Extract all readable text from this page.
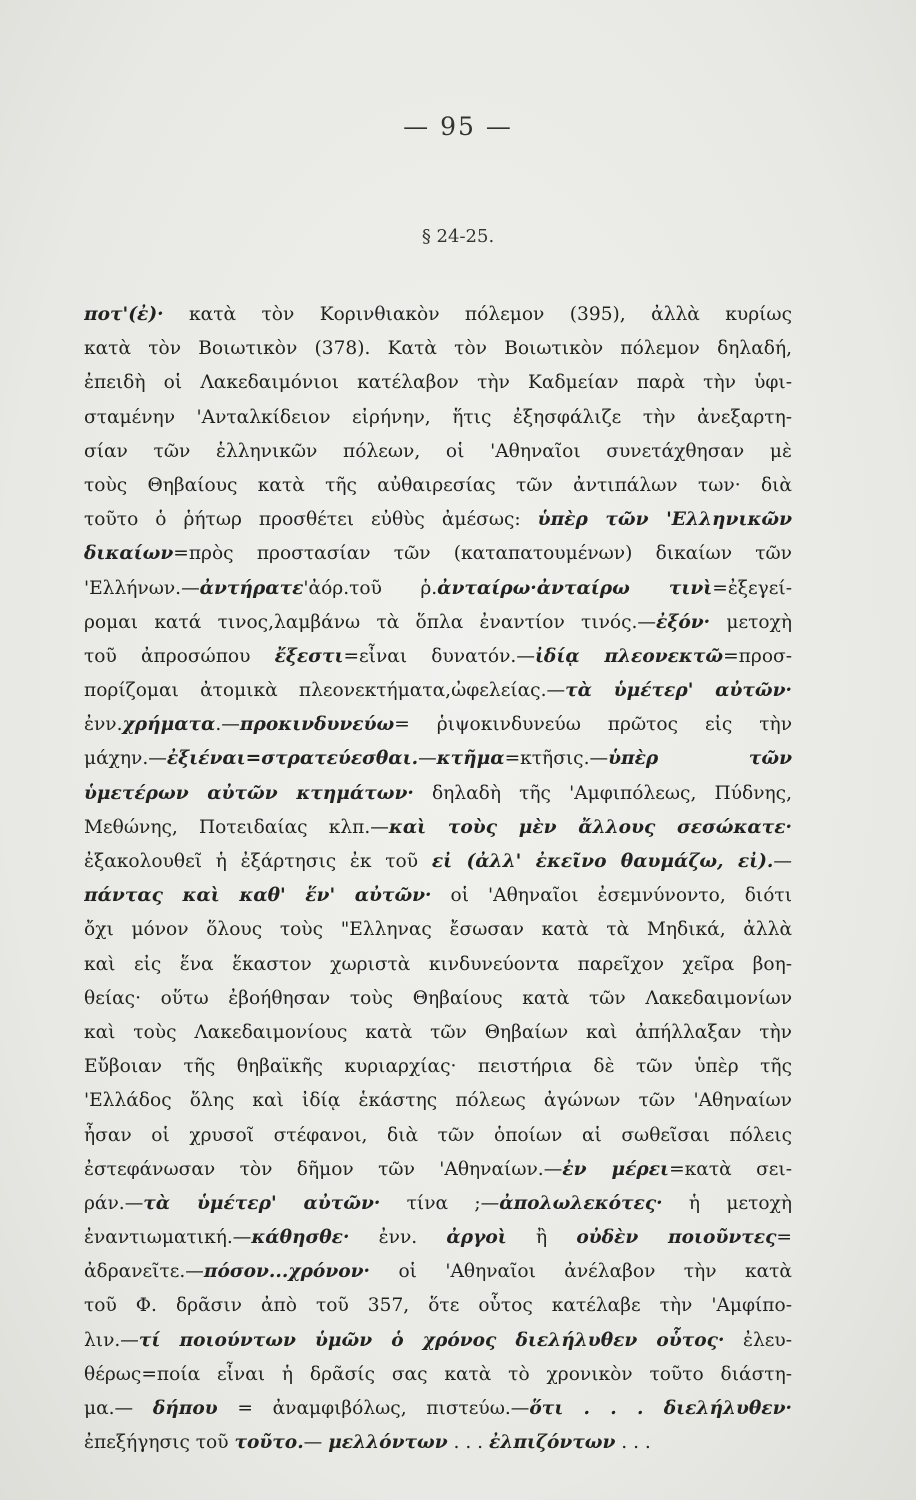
— 95 —
§ 24-25.
ποτ'(ἐ)· κατὰ τὸν Κορινθιακὸν πόλεμον (395), ἀλλὰ κυρίως
κατὰ τὸν Βοιωτικὸν (378). Κατὰ τὸν Βοιωτικὸν πόλεμον δηλαδή,
ἐπειδὴ οἱ Λακεδαιμόνιοι κατέλαβον τὴν Καδμείαν παρὰ τὴν ὑφι-
σταμένην 'Ανταλκίδειον εἰρήνην, ἥτις ἐξησφάλιζε τὴν ἀνεξαρτη-
σίαν τῶν ἑλληνικῶν πόλεων, οἱ 'Αθηναῖοι συνετάχθησαν μὲ
τοὺς Θηβαίους κατὰ τῆς αὐθαιρεσίας τῶν ἀντιπάλων των· διὰ
τοῦτο ὁ ῥήτωρ προσθέτει εὐθὺς ἀμέσως: ὑπὲρ τῶν 'Ελληνικῶν
δικαίων=πρὸς προστασίαν τῶν (καταπατουμένων) δικαίων τῶν
'Ελλήνων.—ἀντήρατε'ἀόρ.τοῦ ῥ.ἀνταίρω·ἀνταίρω τινὶ=ἐξεγεί-
ρομαι κατά τινος,λαμβάνω τὰ ὅπλα ἐναντίον τινός.—ἐξόν· μετοχὴ
τοῦ ἀπροσώπου ἔξεστι=εἶναι δυνατόν.—ἰδίᾳ πλεονεκτῶ=προσ-
πορίζομαι ἀτομικὰ πλεονεκτήματα,ὠφελείας.—τὰ ὑμέτερ' αὐτῶν·
ἐνν.χρήματα.—προκινδυνεύω= ῥιψοκινδυνεύω πρῶτος εἰς τὴν
μάχην.—ἐξιέναι=στρατεύεσθαι.—κτῆμα=κτῆσις.—ὑπὲρ τῶν
ὑμετέρων αὐτῶν κτημάτων· δηλαδὴ τῆς 'Αμφιπόλεως, Πύδνης,
Μεθώνης, Ποτειδαίας κλπ.—καὶ τοὺς μὲν ἄλλους σεσώκατε·
ἐξακολουθεῖ ἡ ἐξάρτησις ἐκ τοῦ εἰ (ἀλλ' ἐκεῖνο θαυμάζω, εἰ).—
πάντας καὶ καθ' ἕν' αὐτῶν· οἱ 'Αθηναῖοι ἐσεμνύνοντο, διότι
ὄχι μόνον ὅλους τοὺς "Ελληνας ἔσωσαν κατὰ τὰ Μηδικά, ἀλλὰ
καὶ εἰς ἕνα ἕκαστον χωριστὰ κινδυνεύοντα παρεῖχον χεῖρα βοη-
θείας· οὕτω ἐβοήθησαν τοὺς Θηβαίους κατὰ τῶν Λακεδαιμονίων
καὶ τοὺς Λακεδαιμονίους κατὰ τῶν Θηβαίων καὶ ἀπήλλαξαν τὴν
Εὔβοιαν τῆς θηβαϊκῆς κυριαρχίας· πειστήρια δὲ τῶν ὑπὲρ τῆς
'Ελλάδος ὅλης καὶ ἰδίᾳ ἑκάστης πόλεως ἀγώνων τῶν 'Αθηναίων
ἦσαν οἱ χρυσοῖ στέφανοι, διὰ τῶν ὁποίων αἱ σωθεῖσαι πόλεις
ἐστεφάνωσαν τὸν δῆμον τῶν 'Αθηναίων.—ἐν μέρει=κατὰ σει-
ράν.—τὰ ὑμέτερ' αὐτῶν· τίνα ;—ἀπολωλεκότες· ἡ μετοχὴ
ἐναντιωματική.—κάθησθε· ἐνν. ἀργοὶ ἢ οὐδὲν ποιοῦντες=
ἀδρανεῖτε.—πόσον...χρόνον· οἱ 'Αθηναῖοι ἀνέλαβον τὴν κατὰ
τοῦ Φ. δρᾶσιν ἀπὸ τοῦ 357, ὅτε οὗτος κατέλαβε τὴν 'Αμφίπο-
λιν.—τί ποιούντων ὑμῶν ὁ χρόνος διελήλυθεν οὗτος· ἐλευ-
θέρως=ποία εἶναι ἡ δρᾶσίς σας κατὰ τὸ χρονικὸν τοῦτο διάστη-
μα.— δήπου = ἀναμφιβόλως, πιστεύω.—ὅτι . . . διελήλυθεν·
ἐπεξήγησις τοῦ τοῦτο.— μελλόντων . . . ἐλπιζόντων . . .
